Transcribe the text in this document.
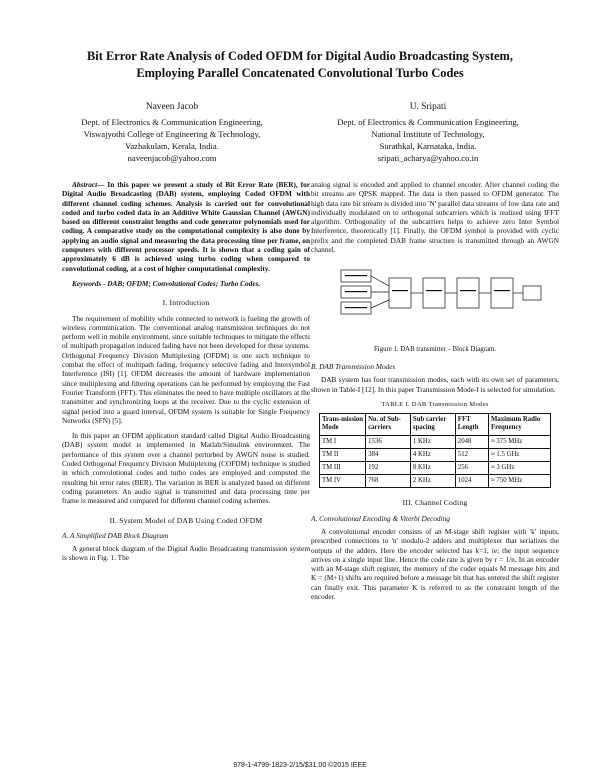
Bit Error Rate Analysis of Coded OFDM for Digital Audio Broadcasting System,
Employing Parallel Concatenated Convolutional Turbo Codes
Naveen Jacob
Dept. of Electronics & Communication Engineering,
Viswajyothi College of Engineering & Technology,
Vazhakulam, Kerala, India.
naveenjacob@yahoo.com
U. Sripati
Dept. of Electronics & Communication Engineering,
National Institute of Technology,
Surathkal, Karnataka, India.
sripati_acharya@yahoo.co.in

Abstract— In this paper we present a study of Bit Error Rate (BER), for Digital Audio Broadcasting (DAB) system, employing Coded OFDM with different channel coding schemes. Analysis is carried out for convolutional coded and turbo coded data in an Additive White Gaussian Channel (AWGN) based on different constraint lengths and code generator polynomials used for coding. A comparative study on the computational complexity is also done by applying an audio signal and measuring the data processing time per frame, on computers with different processor speeds. It is shown that a coding gain of approximately 6 dB is achieved using turbo coding when compared to convolutional coding, at a cost of higher computational complexity.

Keywords - DAB; OFDM; Convolutional Codes; Turbo Codes.

I. Introduction

The requirement of mobility while connected to network is fueling the growth of wireless communication. The conventional analog transmission techniques do not perform well in mobile environment, since suitable techniques to mitigate the effects of multipath propagation induced fading have not been developed for these systems. Orthogonal Frequency Division Multiplexing (OFDM) is one such technique to combat the effect of multipath fading, frequency selective fading and Intersymbol Interference (ISI) [1]. OFDM decreases the amount of hardware implementation since multiplexing and filtering operations can be performed by employing the Fast Fourier Transform (FFT). This eliminates the need to have multiple oscillators at the transmitter and synchronizing loops at the receiver. Due to the cyclic extension of signal period into a guard interval, OFDM system is suitable for Single Frequency Networks (SFN) [5].

In this paper an OFDM application standard called Digital Audio Broadcasting (DAB) system model is implemented in Matlab/Simulink environment. The performance of this system over a channel perturbed by AWGN noise is studied. Coded Orthogonal Frequency Division Multiplexing (COFDM) technique is studied in which convolutional codes and turbo codes are employed and computed the resulting bit error rates (BER). The variation in BER is analyzed based on different coding parameters. An audio signal is transmitted and data processing time per frame is measured and compared for different channel coding schemes.

II. System Model of DAB Using Coded OFDM
A. A Simplified DAB Block Diagram

A general block diagram of the Digital Audio Broadcasting transmission system is shown in Fig. 1. The

analog signal is encoded and applied to channel encoder. After channel coding the bit streams are QPSK mapped. The data is then passed to OFDM generator. The high data rate bit stream is divided into 'N' parallel data streams of low data rate and individually modulated on to orthogonal subcarriers which is realized using IFFT algorithm. Orthogonality of the subcarriers helps to achieve zero Inter Symbol Interference, theoretically [1]. Finally, the OFDM symbol is provided with cyclic prefix and the completed DAB frame structure is transmitted through an AWGN channel.

Figure 1. DAB transmitter – Block Diagram.
B. DAB Transmission Modes

DAB system has four transmission modes, each with its own set of parameters, shown in Table-I [12]. In this paper Transmission Mode-I is selected for simulation.

TABLE I. DAB Transmission Modes
Trans-mission Mode	No. of Sub-carriers	Sub carrier spacing	FFT Length	Maximum Radio Frequency
TM I	1536	1 KHz	2048	≈ 375 MHz
TM II	384	4 KHz	512	≈ 1.5 GHz
TM III	192	8 KHz	256	≈ 3 GHz
TM IV	768	2 KHz	1024	≈ 750 MHz
III. Channel Coding
A. Convolutional Encoding & Viterbi Decoding

A convolutional encoder consists of an M-stage shift register with 'k' inputs, prescribed connections to 'n' modulo-2 adders and multiplexer that serializes the outputs of the adders. Here the encoder selected has k=1, ie; the input sequence arrives on a single input line. Hence the code rate is given by r = 1/n. In an encoder with an M-stage shift register, the memory of the coder equals M message bits and K = (M+1) shifts are required before a message bit that has entered the shift register can finally exit. This parameter K is referred to as the constraint length of the encoder.

978-1-4799-1823-2/15/$31.00 ©2015 IEEE
